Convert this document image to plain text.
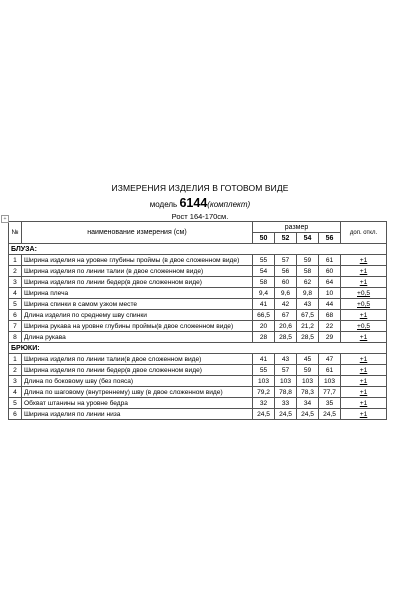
ИЗМЕРЕНИЯ ИЗДЕЛИЯ В ГОТОВОМ ВИДЕ
модель 6144(комплект)
Рост 164-170см.
+
№	наименование измерения (см)	размер				доп. откл.
		50	52	54	56	
БЛУЗА:						
1	Ширина изделия на уровне глубины проймы (в двое сложенном виде)	55	57	59	61	+1
2	Ширина изделия по линии талии (в двое сложенном виде)	54	56	58	60	+1
3	Ширина изделия по линии бедер(в двое сложенном виде)	58	60	62	64	+1
4	Ширина плеча	9,4	9,6	9,8	10	+0,5
5	Ширина спинки в самом узком месте	41	42	43	44	+0,5
6	Длина изделия по среднему шву спинки	66,5	67	67,5	68	+1
7	Ширина рукава на уровне глубины проймы(в двое сложенном виде)	20	20,6	21,2	22	+0,5
8	Длина рукава	28	28,5	28,5	29	+1
БРЮКИ:						
1	Ширина изделия по линии талии(в двое сложенном виде)	41	43	45	47	+1
2	Ширина изделия по линии бедер(в двое сложенном виде)	55	57	59	61	+1
3	Длина по боковому шву (без пояса)	103	103	103	103	+1
4	Длина по шаговому (внутреннему) шву (в двое сложенном виде)	79,2	78,8	78,3	77,7	+1
5	Обхват штанины на уровне бедра	32	33	34	35	+1
6	Ширина изделия по линии низа	24,5	24,5	24,5	24,5	+1
